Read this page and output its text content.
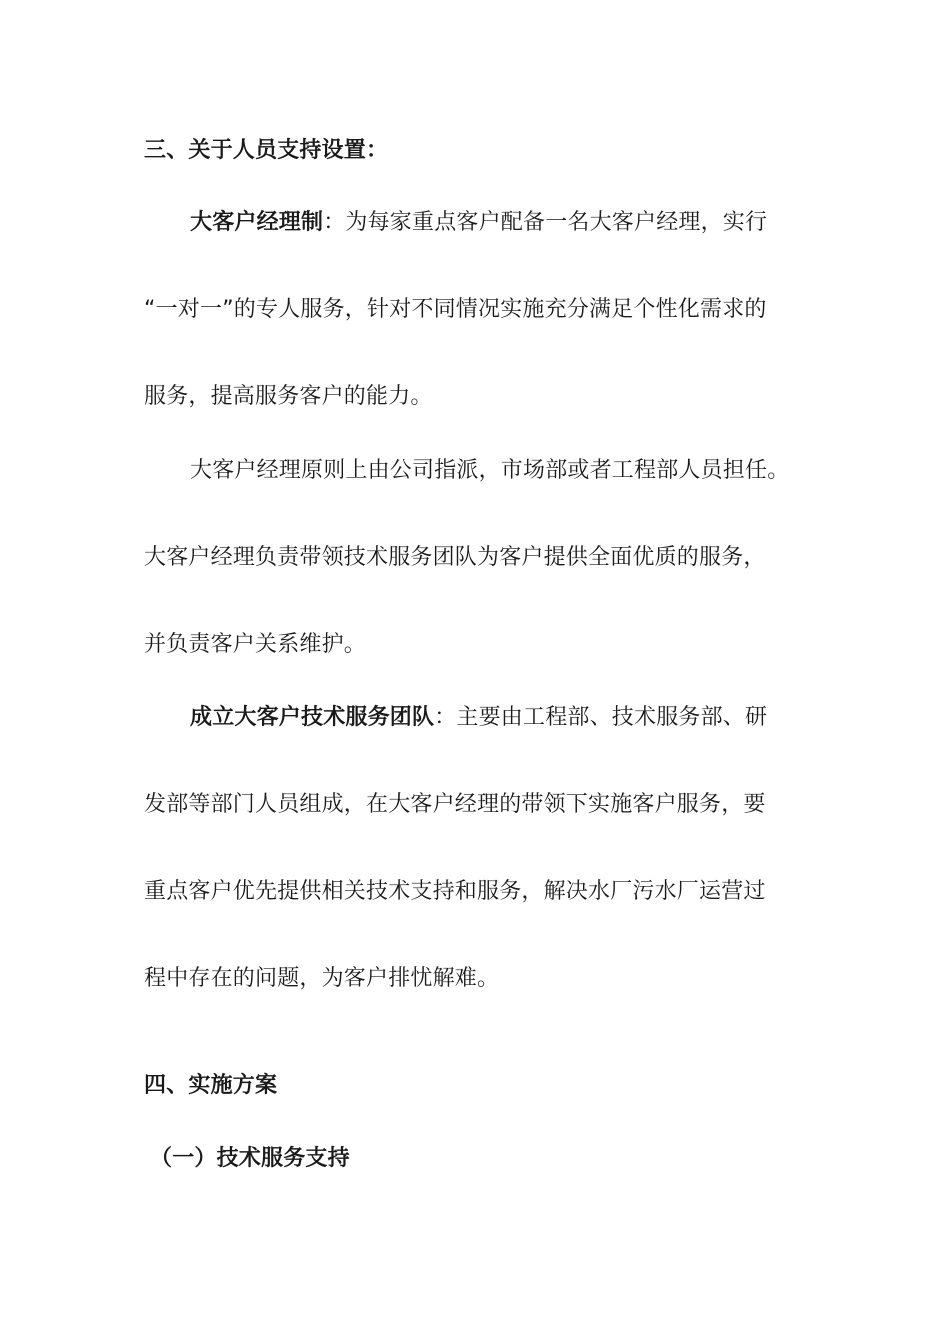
三、关于人员支持设置：
大客户经理制：为每家重点客户配备一名大客户经理，实行
“一对一”的专人服务，针对不同情况实施充分满足个性化需求的
服务，提高服务客户的能力。
大客户经理原则上由公司指派，市场部或者工程部人员担任。
大客户经理负责带领技术服务团队为客户提供全面优质的服务，
并负责客户关系维护。
成立大客户技术服务团队：主要由工程部、技术服务部、研
发部等部门人员组成，在大客户经理的带领下实施客户服务，要
重点客户优先提供相关技术支持和服务，解决水厂污水厂运营过
程中存在的问题，为客户排忧解难。
四、实施方案
（一）技术服务支持
